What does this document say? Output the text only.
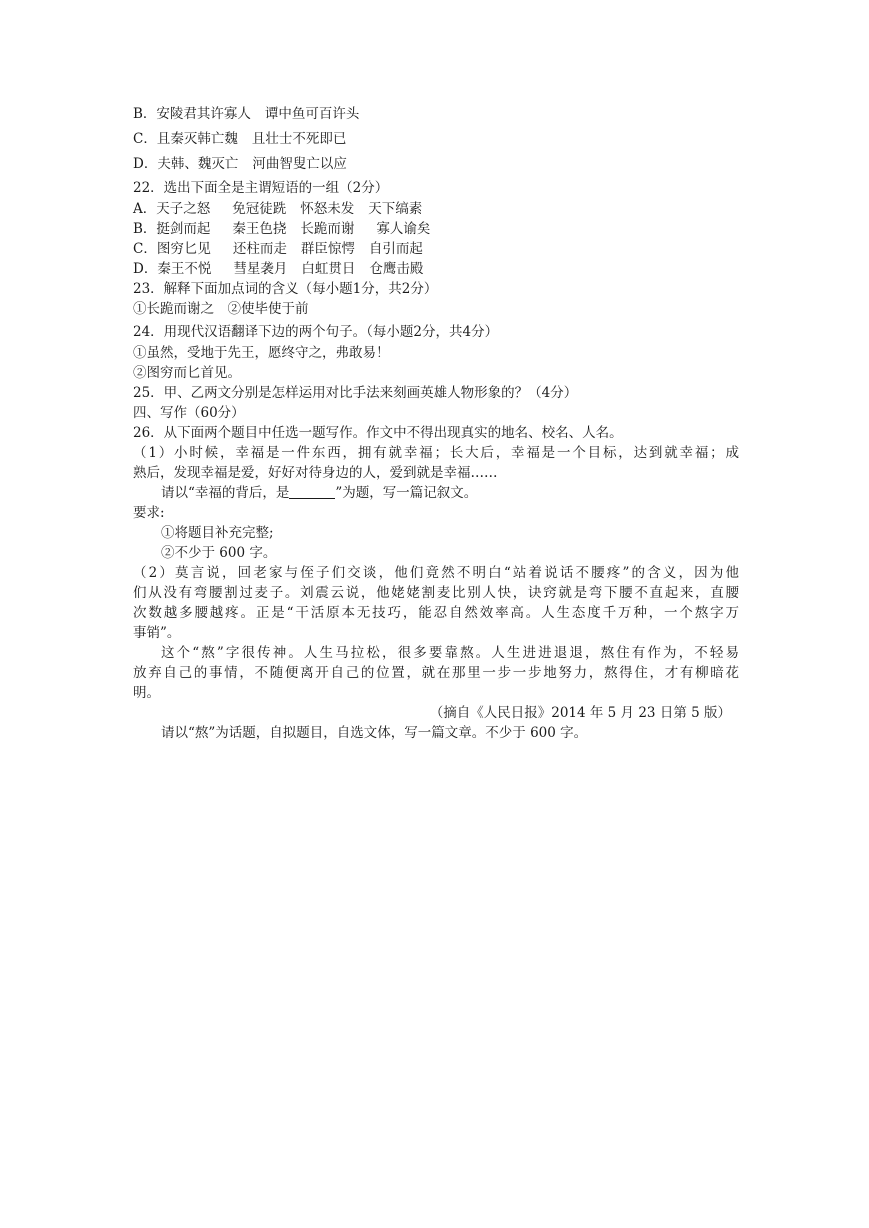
B．安陵君其许寡人 谭中鱼可百许头
C．且秦灭韩亡魏 且壮士不死即已
D．夫韩、魏灭亡 河曲智叟亡以应
22．选出下面全是主谓短语的一组（2分）
A．天子之怒 免冠徒跣 怀怒未发 天下缟素
B．挺剑而起 秦王色挠 长跪而谢 寡人谕矣
C．图穷匕见 还柱而走 群臣惊愕 自引而起
D．秦王不悦 彗星袭月 白虹贯日 仓鹰击殿
23．解释下面加点词的含义（每小题1分，共2分）
①长跪而谢之　②使毕使于前
24．用现代汉语翻译下边的两个句子。（每小题2分，共4分）
①虽然，受地于先王，愿终守之，弗敢易！
②图穷而匕首见。
25．甲、乙两文分别是怎样运用对比手法来刻画英雄人物形象的？（4分）
四、写作（60分）
26．从下面两个题目中任选一题写作。作文中不得出现真实的地名、校名、人名。
（1）小时候，幸福是一件东西，拥有就幸福；长大后，幸福是一个目标，达到就幸福；成
熟后，发现幸福是爱，好好对待身边的人，爱到就是幸福……
请以“幸福的背后，是	”为题，写一篇记叙文。
要求:
①将题目补充完整;
②不少于 600 字。
（2）莫言说，回老家与侄子们交谈，他们竟然不明白“站着说话不腰疼”的含义，因为他
们从没有弯腰割过麦子。刘震云说，他姥姥割麦比别人快，诀窍就是弯下腰不直起来，直腰
次数越多腰越疼。正是“干活原本无技巧，能忍自然效率高。人生态度千万种，一个熬字万
事销”。
这个“熬”字很传神。人生马拉松，很多要靠熬。人生进进退退，熬住有作为，不轻易
放弃自己的事情，不随便离开自己的位置，就在那里一步一步地努力，熬得住，才有柳暗花
明。
（摘自《人民日报》2014 年 5 月 23 日第 5 版）
请以“熬”为话题，自拟题目，自选文体，写一篇文章。不少于 600 字。
